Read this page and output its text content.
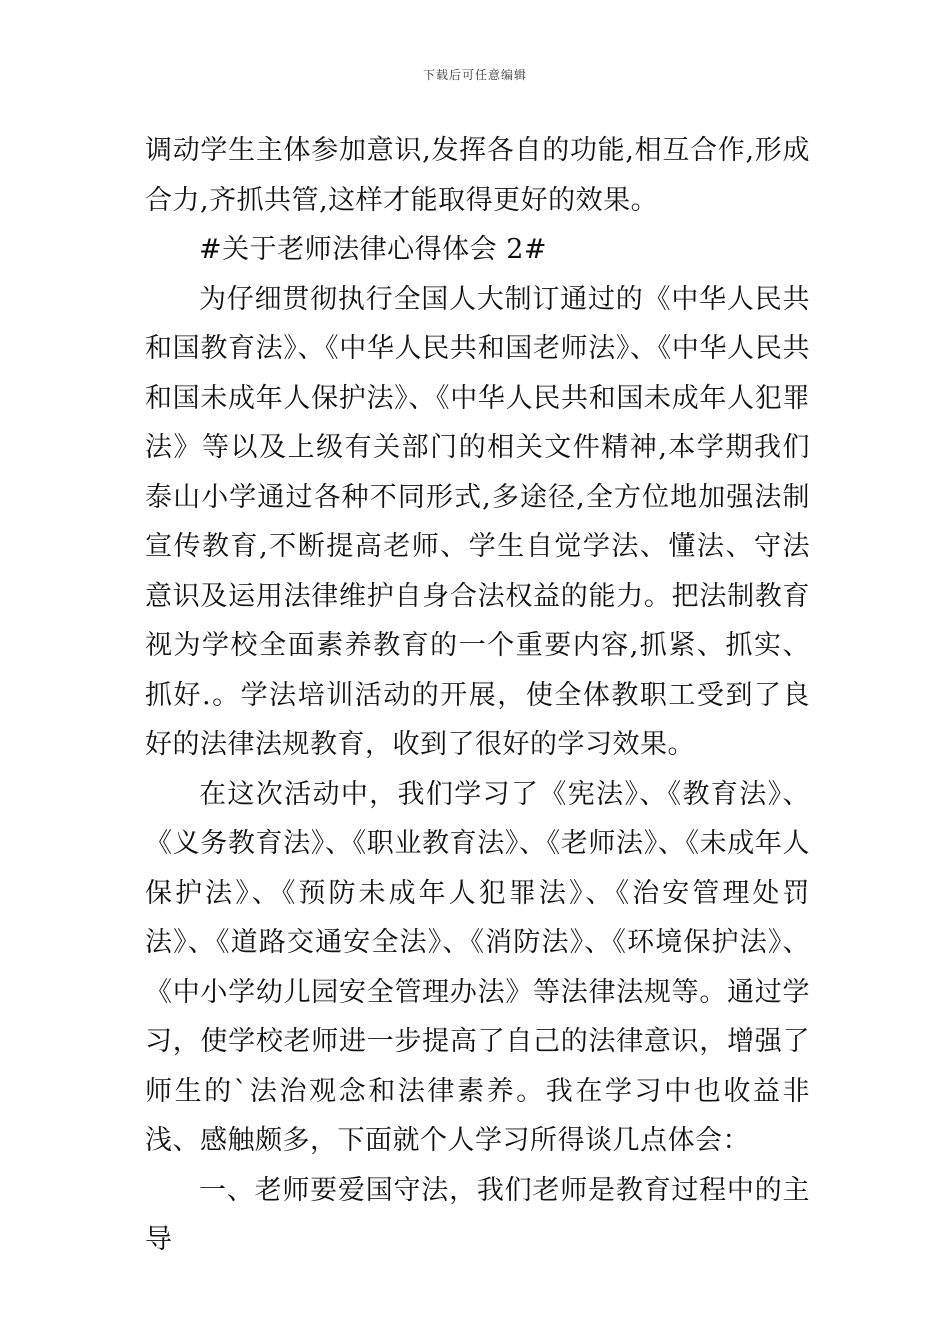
下载后可任意编辑

调动学生主体参加意识,发挥各自的功能,相互合作,形成合力,齐抓共管,这样才能取得更好的效果。

#关于老师法律心得体会 2#

为仔细贯彻执行全国人大制订通过的《中华人民共和国教育法》、《中华人民共和国老师法》、《中华人民共和国未成年人保护法》、《中华人民共和国未成年人犯罪法》等以及上级有关部门的相关文件精神,本学期我们泰山小学通过各种不同形式,多途径,全方位地加强法制宣传教育,不断提高老师、学生自觉学法、懂法、守法意识及运用法律维护自身合法权益的能力。把法制教育视为学校全面素养教育的一个重要内容,抓紧、抓实、抓好.。学法培训活动的开展，使全体教职工受到了良好的法律法规教育，收到了很好的学习效果。

在这次活动中，我们学习了《宪法》、《教育法》、《义务教育法》、《职业教育法》、《老师法》、《未成年人保护法》、《预防未成年人犯罪法》、《治安管理处罚法》、《道路交通安全法》、《消防法》、《环境保护法》、《中小学幼儿园安全管理办法》等法律法规等。通过学习，使学校老师进一步提高了自己的法律意识，增强了师生的`法治观念和法律素养。我在学习中也收益非浅、感触颇多，下面就个人学习所得谈几点体会：

一、老师要爱国守法，我们老师是教育过程中的主导
